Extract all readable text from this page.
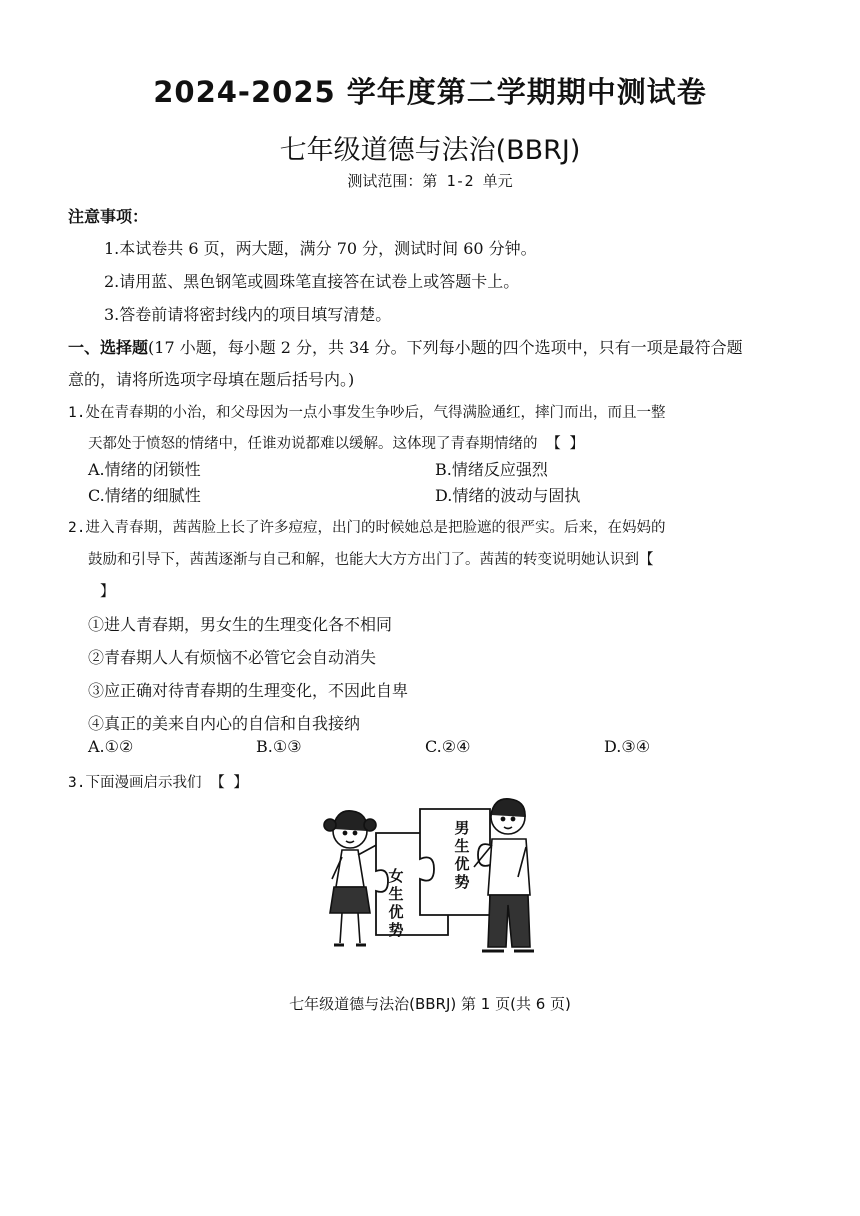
2024-2025 学年度第二学期期中测试卷
七年级道德与法治(BBRJ)
测试范围：第 1-2 单元
注意事项：
1.本试卷共 6 页，两大题，满分 70 分，测试时间 60 分钟。
2.请用蓝、黑色钢笔或圆珠笔直接答在试卷上或答题卡上。
3.答卷前请将密封线内的项目填写清楚。
一、选择题(17 小题，每小题 2 分，共 34 分。下列每小题的四个选项中，只有一项是最符合题
意的，请将所选项字母填在题后括号内。)
1.处在青春期的小治，和父母因为一点小事发生争吵后，气得满脸通红，摔门而出，而且一整
天都处于愤怒的情绪中，任谁劝说都难以缓解。这体现了青春期情绪的 【 】
A.情绪的闭锁性	B.情绪反应强烈
C.情绪的细腻性	D.情绪的波动与固执
2.进入青春期，茜茜脸上长了许多痘痘，出门的时候她总是把脸遮的很严实。后来，在妈妈的
鼓励和引导下，茜茜逐渐与自己和解，也能大大方方出门了。茜茜的转变说明她认识到【
】
①进人青春期，男女生的生理变化各不相同
②青春期人人有烦恼不必管它会自动消失
③应正确对待青春期的生理变化，不因此自卑
④真正的美来自内心的自信和自我接纳
A.①②	B.①③	C.②④	D.③④
3.下面漫画启示我们 【 】
女
生
优
势
男
生
优
势
七年级道德与法治(BBRJ) 第 1 页(共 6 页)
